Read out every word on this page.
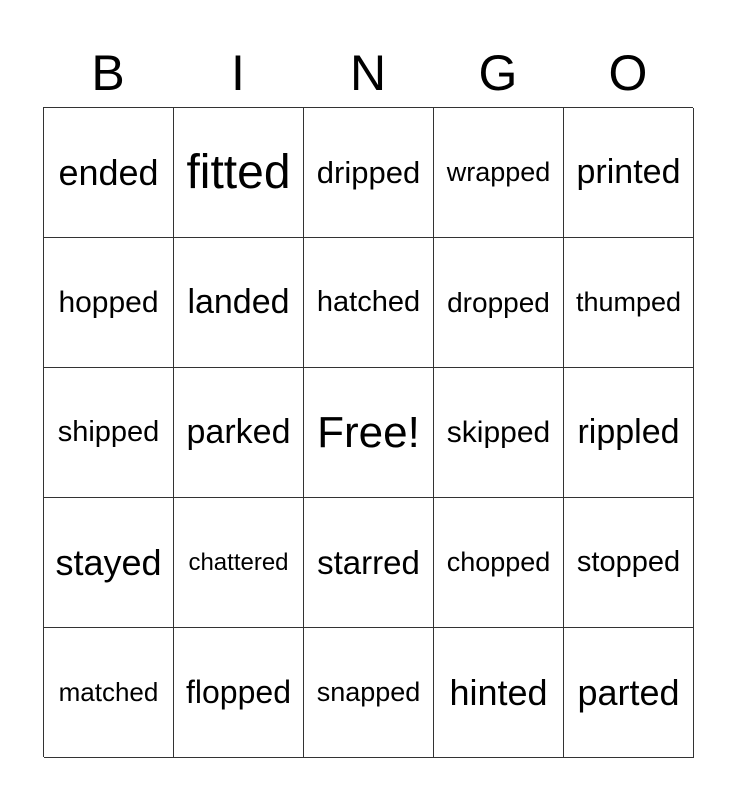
B	I	N	G	O
ended fitted dripped wrapped printed
hopped landed hatched dropped thumped
shipped parked Free! skipped rippled
stayed	chattered starred chopped stopped
matched flopped snapped hinted parted
